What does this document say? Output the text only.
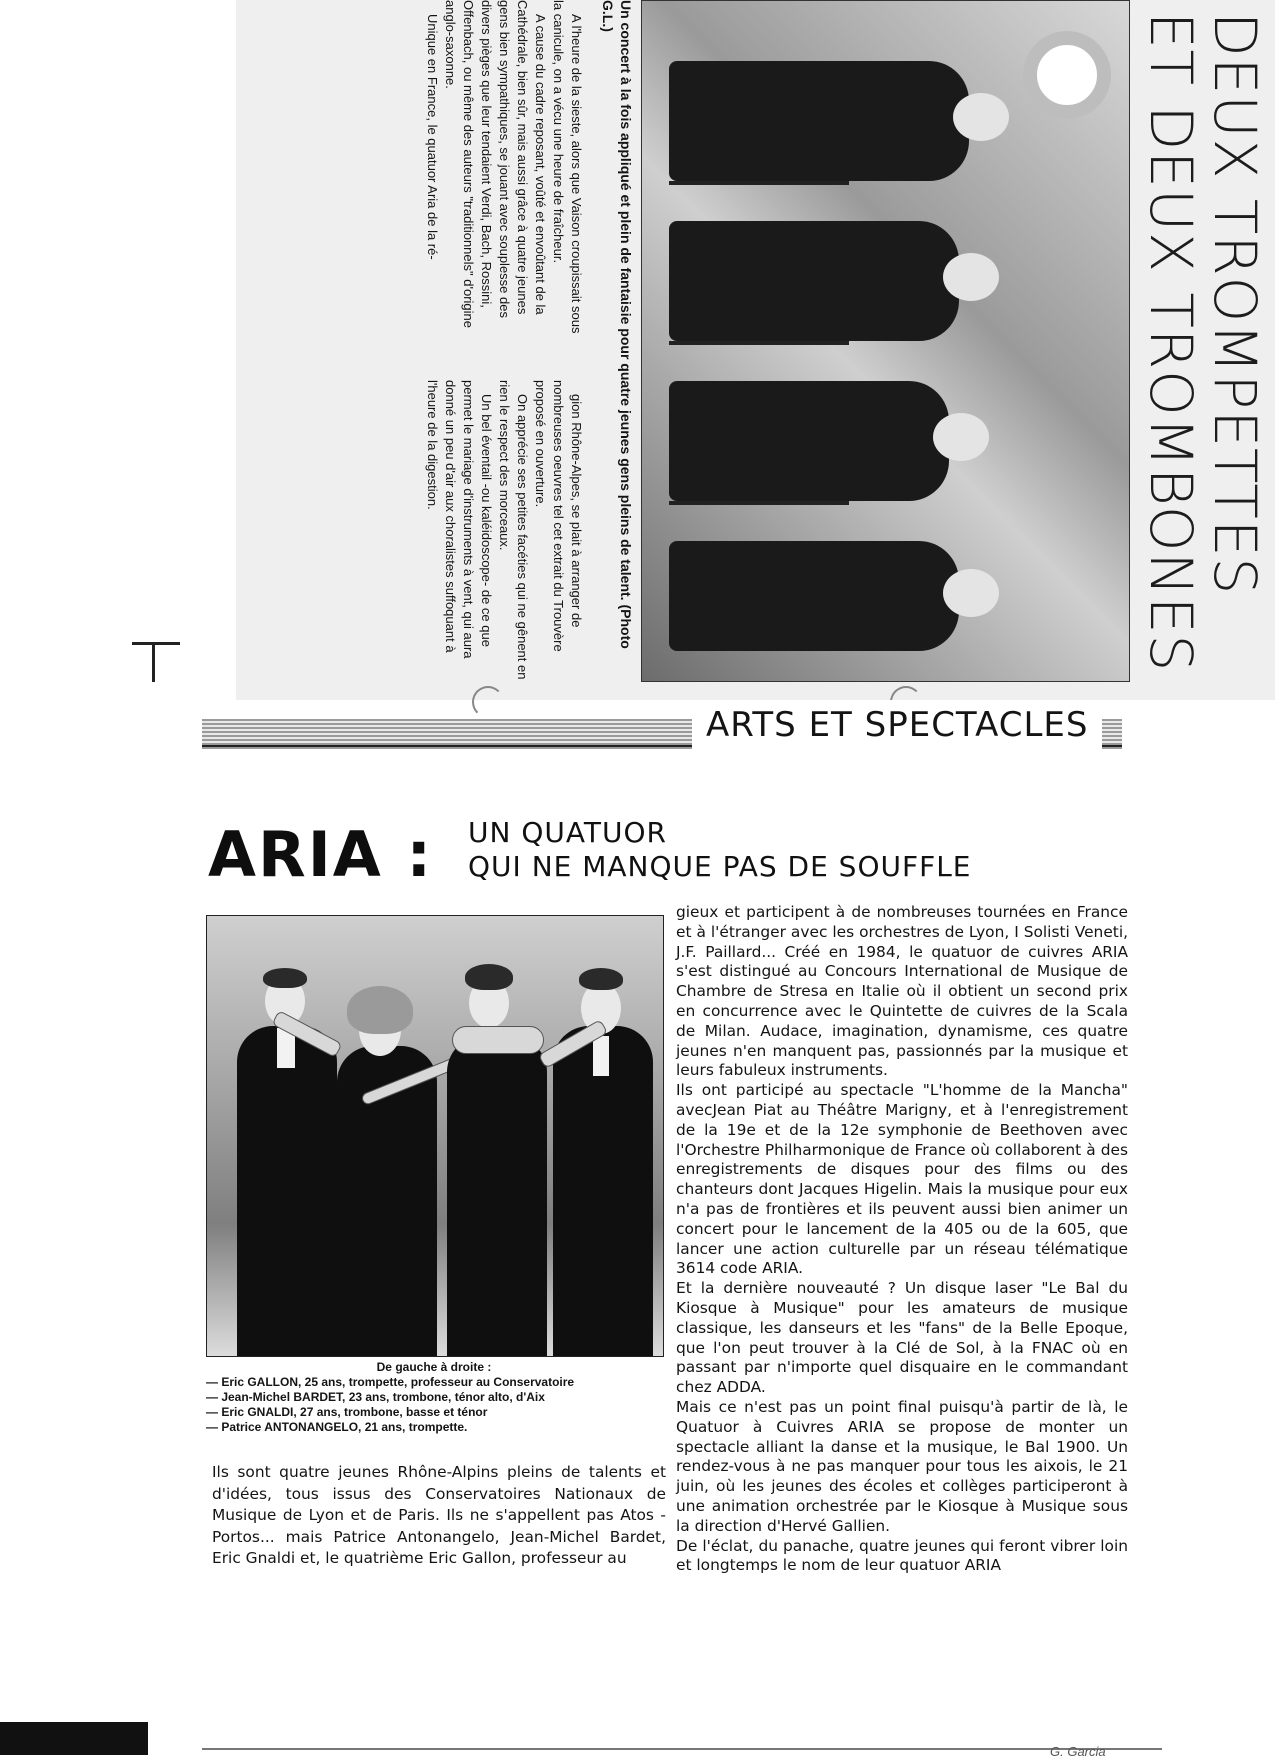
DEUX TROMPETTES
ET DEUX TROMBONES
Un concert à la fois appliqué et plein de fantaisie pour quatre jeunes gens pleins de talent. (Photo G.L.)

A l'heure de la sieste, alors que Vaison croupissait sous la canicule, on a vécu une heure de fraîcheur.

A cause du cadre reposant, voûté et envoûtant de la Cathédrale, bien sûr, mais aussi grâce à quatre jeunes gens bien sympathiques, se jouant avec souplesse des divers pièges que leur tendaient Verdi, Bach, Rossini, Offenbach, ou même des auteurs "traditionnels" d'origine anglo-saxonne.

Unique en France, le quatuor Aria de la ré-

gion Rhône-Alpes, se plait à arranger de nombreuses oeuvres tel cet extrait du Trouvère proposé en ouverture.

On apprécie ses petites facéties qui ne gênent en rien le respect des morceaux.

Un bel éventail -ou kaléidoscope- de ce que permet le mariage d'instruments à vent, qui aura donné un peu d'air aux choralistes suffoquant à l'heure de la digestion.

ARTS ET SPECTACLES
ARIA : UN QUATUOR
QUI NE MANQUE PAS DE SOUFFLE
De gauche à droite :
— Eric GALLON, 25 ans, trompette, professeur au Conservatoire
— Jean-Michel BARDET, 23 ans, trombone, ténor alto, d'Aix
— Eric GNALDI, 27 ans, trombone, basse et ténor
— Patrice ANTONANGELO, 21 ans, trompette.
Ils sont quatre jeunes Rhône-Alpins pleins de talents et d'idées, tous issus des Conservatoires Nationaux de Musique de Lyon et de Paris. Ils ne s'appellent pas Atos - Portos... mais Patrice Antonangelo, Jean-Michel Bardet, Eric Gnaldi et, le quatrième Eric Gallon, professeur au

gieux et participent à de nombreuses tournées en France et à l'étranger avec les orchestres de Lyon, I Solisti Veneti, J.F. Paillard... Créé en 1984, le quatuor de cuivres ARIA s'est distingué au Concours International de Musique de Chambre de Stresa en Italie où il obtient un second prix en concurrence avec le Quintette de cuivres de la Scala de Milan. Audace, imagination, dynamisme, ces quatre jeunes n'en manquent pas, passionnés par la musique et leurs fabuleux instruments.

Ils ont participé au spectacle "L'homme de la Mancha" avecJean Piat au Théâtre Marigny, et à l'enregistrement de la 19e et de la 12e symphonie de Beethoven avec l'Orchestre Philharmonique de France où collaborent à des enregistrements de disques pour des films ou des chanteurs dont Jacques Higelin. Mais la musique pour eux n'a pas de frontières et ils peuvent aussi bien animer un concert pour le lancement de la 405 ou de la 605, que lancer une action culturelle par un réseau télématique 3614 code ARIA.

Et la dernière nouveauté ? Un disque laser "Le Bal du Kiosque à Musique" pour les amateurs de musique classique, les danseurs et les "fans" de la Belle Epoque, que l'on peut trouver à la Clé de Sol, à la FNAC où en passant par n'importe quel disquaire en le commandant chez ADDA.

Mais ce n'est pas un point final puisqu'à partir de là, le Quatuor à Cuivres ARIA se propose de monter un spectacle alliant la danse et la musique, le Bal 1900. Un rendez-vous à ne pas manquer pour tous les aixois, le 21 juin, où les jeunes des écoles et collèges participeront à une animation orchestrée par le Kiosque à Musique sous la direction d'Hervé Gallien.

De l'éclat, du panache, quatre jeunes qui feront vibrer loin et longtemps le nom de leur quatuor ARIA

G. Garcia
